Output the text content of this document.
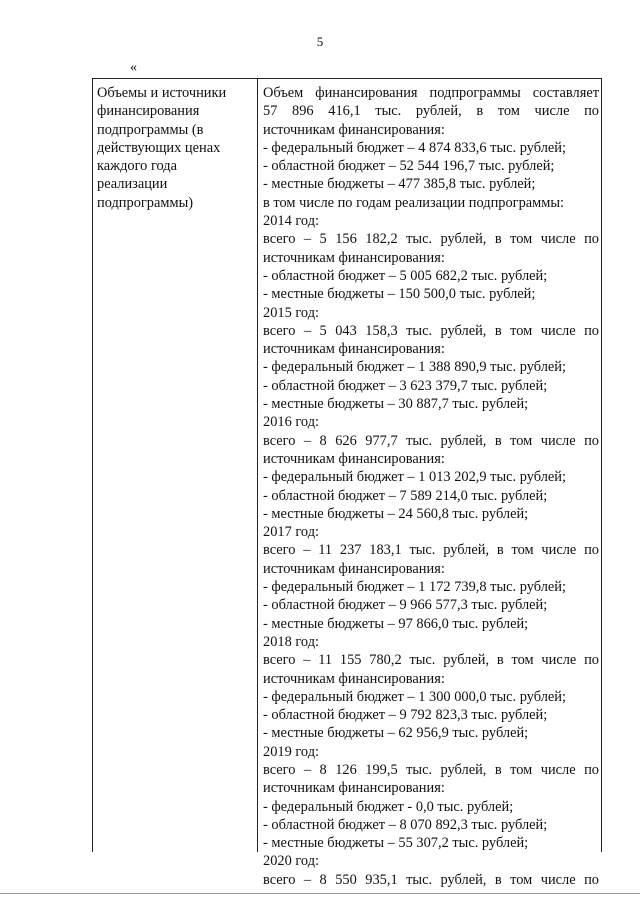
5
«
Объемы и источники
финансирования
подпрограммы (в
действующих ценах
каждого года
реализации
подпрограммы)
Объем финансирования подпрограммы составляет
57 896 416,1 тыс. рублей, в том числе по
источникам финансирования:
- федеральный бюджет – 4 874 833,6 тыс. рублей;
- областной бюджет – 52 544 196,7 тыс. рублей;
- местные бюджеты – 477 385,8 тыс. рублей;
в том числе по годам реализации подпрограммы:
2014 год:
всего – 5 156 182,2 тыс. рублей, в том числе по
источникам финансирования:
- областной бюджет – 5 005 682,2 тыс. рублей;
- местные бюджеты – 150 500,0 тыс. рублей;
2015 год:
всего – 5 043 158,3 тыс. рублей, в том числе по
источникам финансирования:
- федеральный бюджет – 1 388 890,9 тыс. рублей;
- областной бюджет – 3 623 379,7 тыс. рублей;
- местные бюджеты – 30 887,7 тыс. рублей;
2016 год:
всего – 8 626 977,7 тыс. рублей, в том числе по
источникам финансирования:
- федеральный бюджет – 1 013 202,9 тыс. рублей;
- областной бюджет – 7 589 214,0 тыс. рублей;
- местные бюджеты – 24 560,8 тыс. рублей;
2017 год:
всего – 11 237 183,1 тыс. рублей, в том числе по
источникам финансирования:
- федеральный бюджет – 1 172 739,8 тыс. рублей;
- областной бюджет – 9 966 577,3 тыс. рублей;
- местные бюджеты – 97 866,0 тыс. рублей;
2018 год:
всего – 11 155 780,2 тыс. рублей, в том числе по
источникам финансирования:
- федеральный бюджет – 1 300 000,0 тыс. рублей;
- областной бюджет – 9 792 823,3 тыс. рублей;
- местные бюджеты – 62 956,9 тыс. рублей;
2019 год:
всего – 8 126 199,5 тыс. рублей, в том числе по
источникам финансирования:
- федеральный бюджет - 0,0 тыс. рублей;
- областной бюджет – 8 070 892,3 тыс. рублей;
- местные бюджеты – 55 307,2 тыс. рублей;
2020 год:
всего – 8 550 935,1 тыс. рублей, в том числе по
